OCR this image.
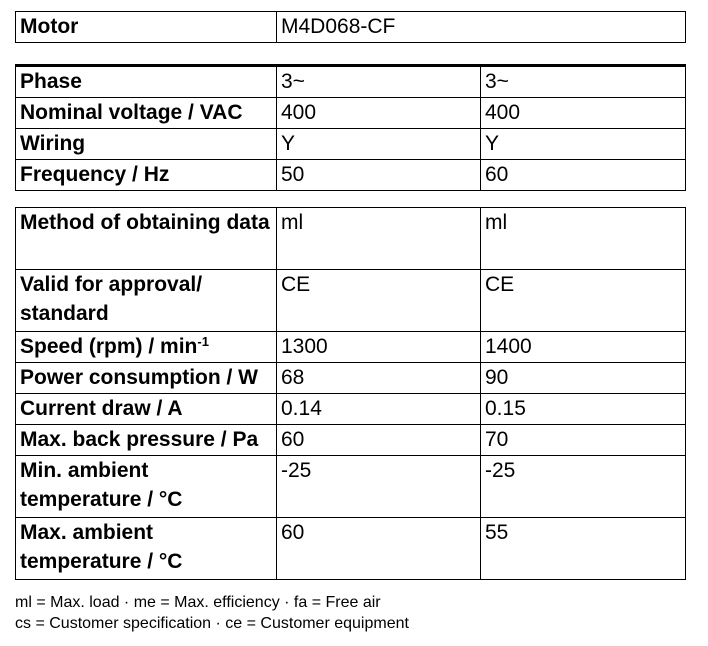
Motor	M4D068-CF
Phase	3~	3~
Nominal voltage / VAC	400	400
Wiring	Y	Y
Frequency / Hz	50	60
Method of obtaining data	ml	ml
Valid for approval/ standard	CE	CE
Speed $(rpm) / \min^{-1}$	1300	1400
Power consumption / W	68	90
Current draw / A	0.14	0.15
Max. back pressure / Pa	60	70
Min. ambient temperature / °C	-25	-25
Max. ambient temperature / °C	60	55
ml = Max. load · me = Max. efficiency · fa = Free air
cs = Customer specification · ce = Customer equipment
